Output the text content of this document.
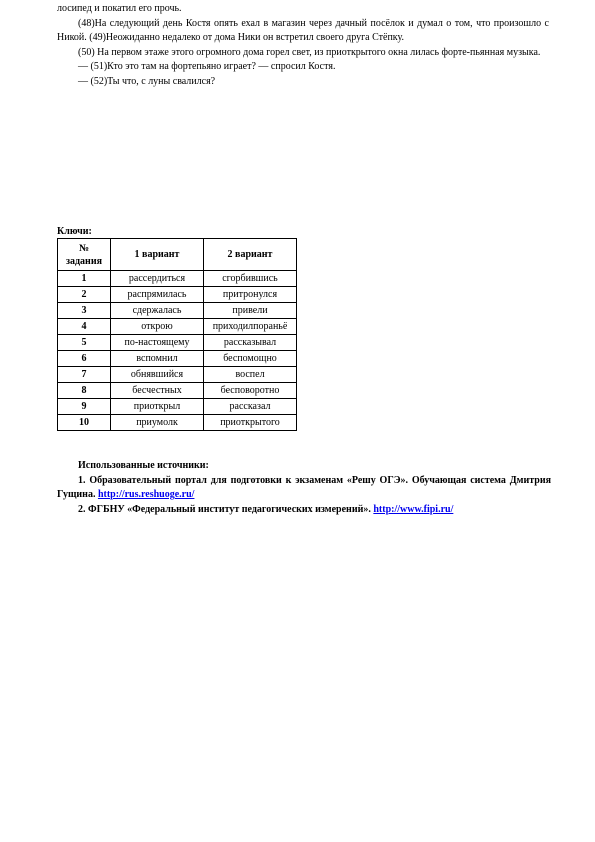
лосипед и покатил его прочь.

(48)На следующий день Костя опять ехал в магазин через дачный посёлок и думал о том, что произошло с Никой. (49)Неожиданно недалеко от дома Ники он встретил своего друга Стёпку.

(50) На первом этаже этого огромного дома горел свет, из приоткрытого окна лилась форте-пьянная музыка.

— (51)Кто это там на фортепьяно играет? — спросил Костя.

— (52)Ты что, с луны свалился?

Ключи:
№ задания	1 вариант	2 вариант
1	рассердиться	сгорбившись
2	распрямилась	притронулся
3	сдержалась	привели
4	открою	приходилпораньё
5	по-настоящему	рассказывал
6	вспомнил	беспомощно
7	обнявшийся	воспел
8	бесчестных	бесповоротно
9	приоткрыл	рассказал
10	приумолк	приоткрытого

Использованные источники:

1. Образовательный портал для подготовки к экзаменам «Решу ОГЭ». Обучающая система Дмитрия Гущина. http://rus.reshuoge.ru/

2. ФГБНУ «Федеральный институт педагогических измерений». http://www.fipi.ru/
